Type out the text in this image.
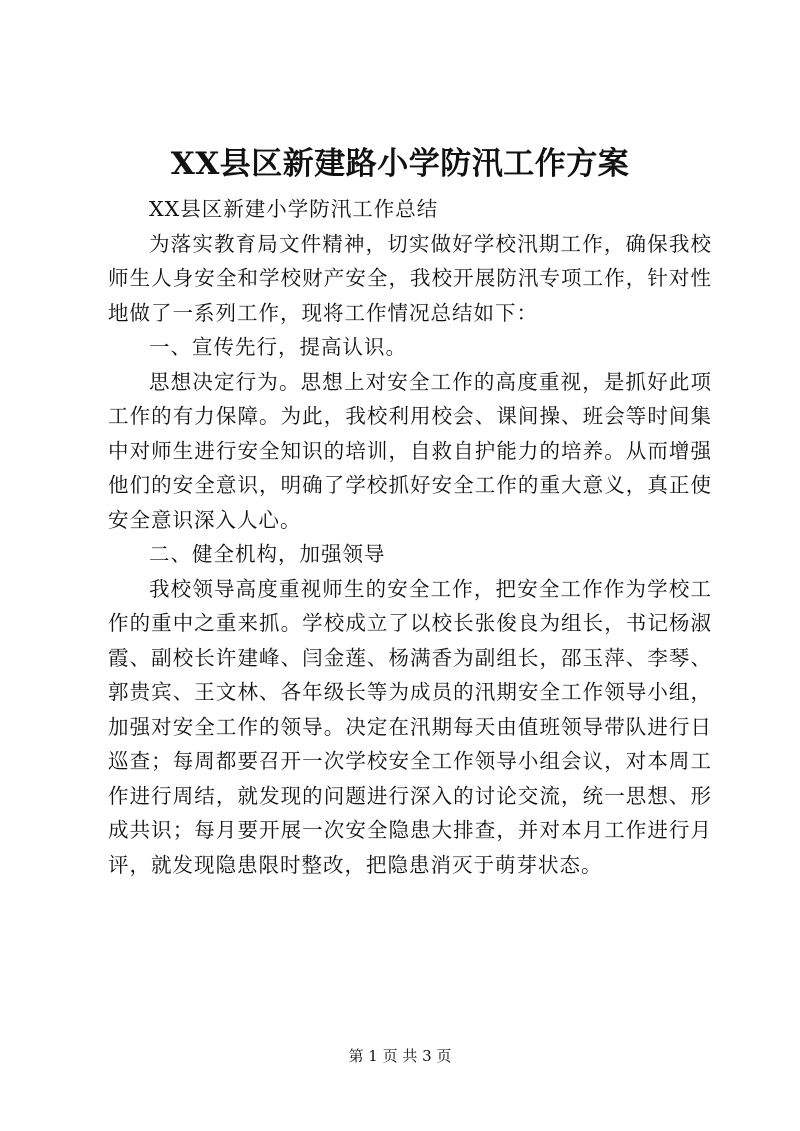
XX县区新建路小学防汛工作方案

XX县区新建小学防汛工作总结

为落实教育局文件精神，切实做好学校汛期工作，确保我校师生人身安全和学校财产安全，我校开展防汛专项工作，针对性地做了一系列工作，现将工作情况总结如下：

一、宣传先行，提高认识。

思想决定行为。思想上对安全工作的高度重视，是抓好此项工作的有力保障。为此，我校利用校会、课间操、班会等时间集中对师生进行安全知识的培训，自救自护能力的培养。从而增强他们的安全意识，明确了学校抓好安全工作的重大意义，真正使安全意识深入人心。

二、健全机构，加强领导

我校领导高度重视师生的安全工作，把安全工作作为学校工作的重中之重来抓。学校成立了以校长张俊良为组长，书记杨淑霞、副校长许建峰、闫金莲、杨满香为副组长，邵玉萍、李琴、郭贵宾、王文林、各年级长等为成员的汛期安全工作领导小组，加强对安全工作的领导。决定在汛期每天由值班领导带队进行日巡查；每周都要召开一次学校安全工作领导小组会议，对本周工作进行周结，就发现的问题进行深入的讨论交流，统一思想、形成共识；每月要开展一次安全隐患大排查，并对本月工作进行月评，就发现隐患限时整改，把隐患消灭于萌芽状态。

第 1 页 共 3 页
